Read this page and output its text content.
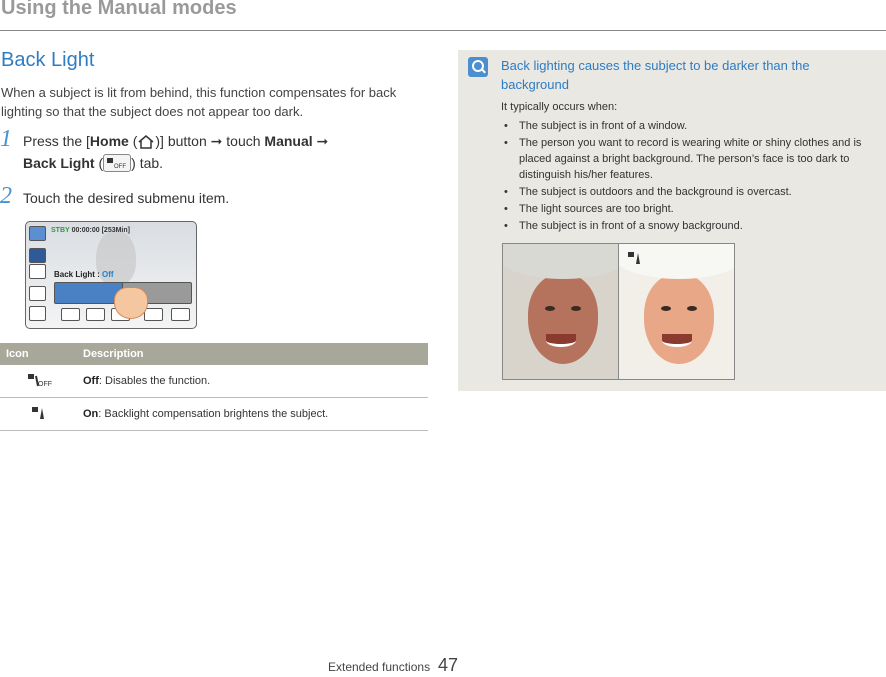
Using the Manual modes
Back Light

When a subject is lit from behind, this function compensates for back lighting so that the subject does not appear too dark.

1 Press the [Home ( )] button ➞ touch Manual ➞
Back Light ( OFF ) tab.
2 Touch the desired submenu item.
STBY 00:00:00 [253Min]
Back Light : Off
Icon	Description

OFF	Off: Disables the function.
	On: Backlight compensation brightens the subject.
Back lighting causes the subject to be darker than the background
It typically occurs when:
• The subject is in front of a window.
• The person you want to record is wearing white or shiny clothes and is placed against a bright background. The person’s face is too dark to distinguish his/her features.
• The subject is outdoors and the background is overcast.
• The light sources are too bright.
• The subject is in front of a snowy background.
Extended functions 47
